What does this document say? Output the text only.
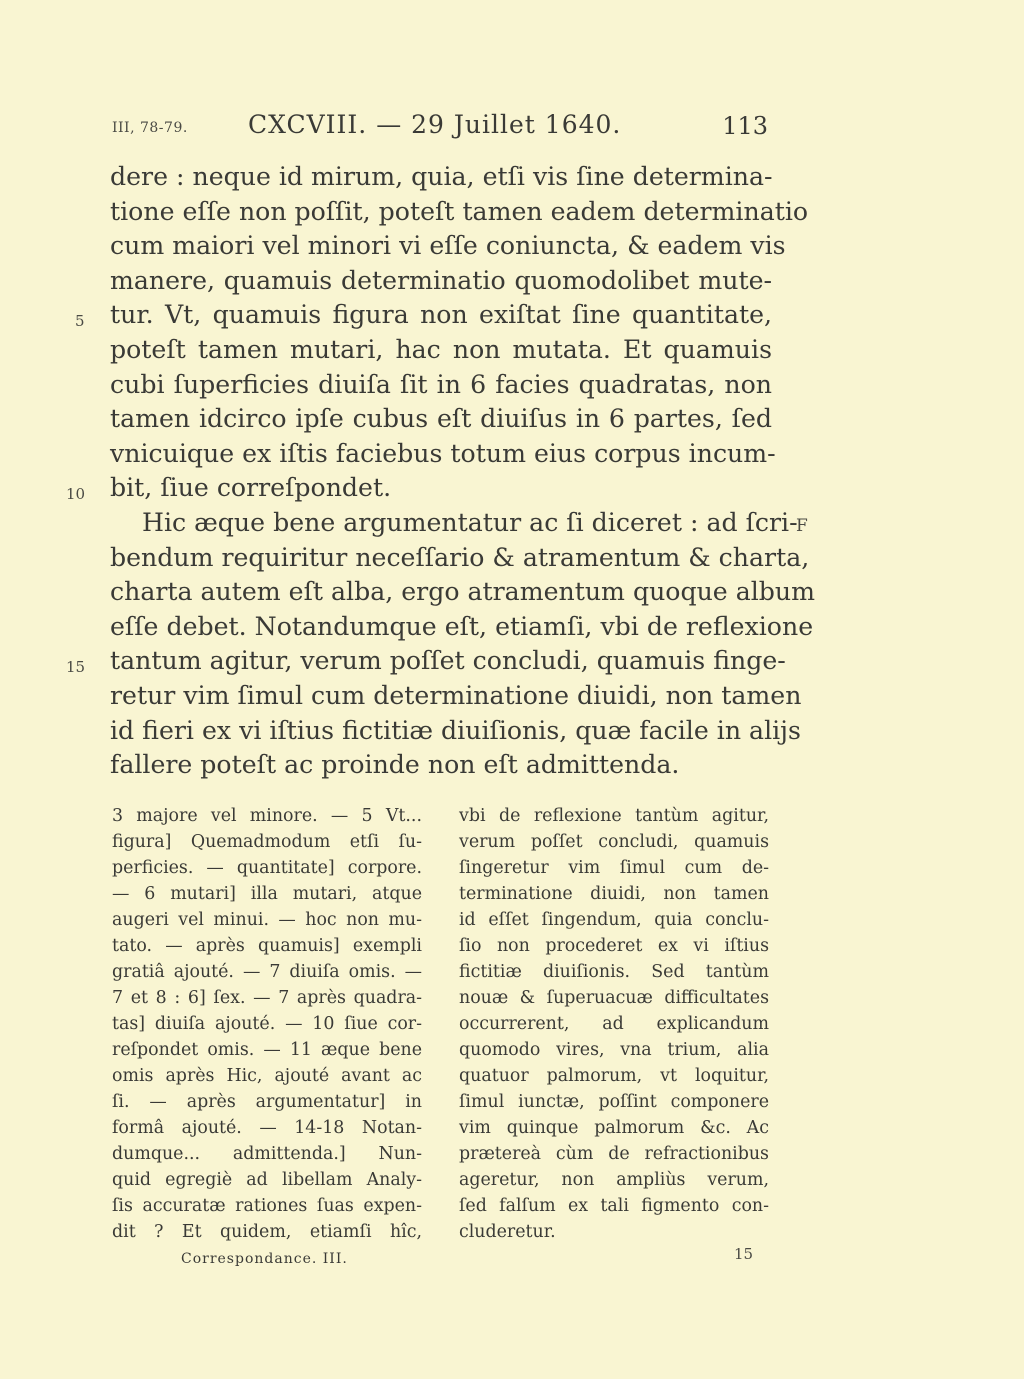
III, 78-79. CXCVIII. — 29 Juillet 1640.	113
dere : neque id mirum, quia, etſi vis ſine determina-
tione eſſe non poſſit, poteſt tamen eadem determinatio
cum maiori vel minori vi eſſe coniuncta, & eadem vis
manere, quamuis determinatio quomodolibet mute-
tur. Vt, quamuis figura non exiſtat ſine quantitate,
poteſt tamen mutari, hac non mutata. Et quamuis
cubi ſuperficies diuiſa ſit in 6 facies quadratas, non
tamen idcirco ipſe cubus eſt diuiſus in 6 partes, ſed
vnicuique ex iſtis faciebus totum eius corpus incum-
bit, ſiue correſpondet.
Hic æque bene argumentatur ac ſi diceret : ad ſcri-
bendum requiritur neceſſario & atramentum & charta,
charta autem eſt alba, ergo atramentum quoque album
eſſe debet. Notandumque eſt, etiamſi, vbi de reflexione
tantum agitur, verum poſſet concludi, quamuis finge-
retur vim ſimul cum determinatione diuidi, non tamen
id fieri ex vi iſtius fictitiæ diuiſionis, quæ facile in alijs
fallere poteſt ac proinde non eſt admittenda.
5
10
15
F
3 majore vel minore. — 5 Vt...
figura] Quemadmodum etſi ſu-
perficies. — quantitate] corpore.
— 6 mutari] illa mutari, atque
augeri vel minui. — hoc non mu-
tato. — après quamuis] exempli
gratiâ ajouté. — 7 diuiſa omis. —
7 et 8 : 6] ſex. — 7 après quadra-
tas] diuiſa ajouté. — 10 ſiue cor-
reſpondet omis. — 11 æque bene
omis après Hic, ajouté avant ac
ſi. — après argumentatur] in
formâ ajouté. — 14-18 Notan-
dumque... admittenda.] Nun-
quid egregiè ad libellam Analy-
ſis accuratæ rationes ſuas expen-
dit ? Et quidem, etiamſi hîc,
vbi de reflexione tantùm agitur,
verum poſſet concludi, quamuis
ſingeretur vim ſimul cum de-
terminatione diuidi, non tamen
id eſſet ſingendum, quia conclu-
ſio non procederet ex vi iſtius
fictitiæ diuiſionis. Sed tantùm
nouæ & ſuperuacuæ difficultates
occurrerent, ad explicandum
quomodo vires, vna trium, alia
quatuor palmorum, vt loquitur,
ſimul iunctæ, poſſint componere
vim quinque palmorum &c. Ac
prætereà cùm de refractionibus
ageretur, non ampliùs verum,
ſed falſum ex tali figmento con-
cluderetur.
Correspondance. III.	15
